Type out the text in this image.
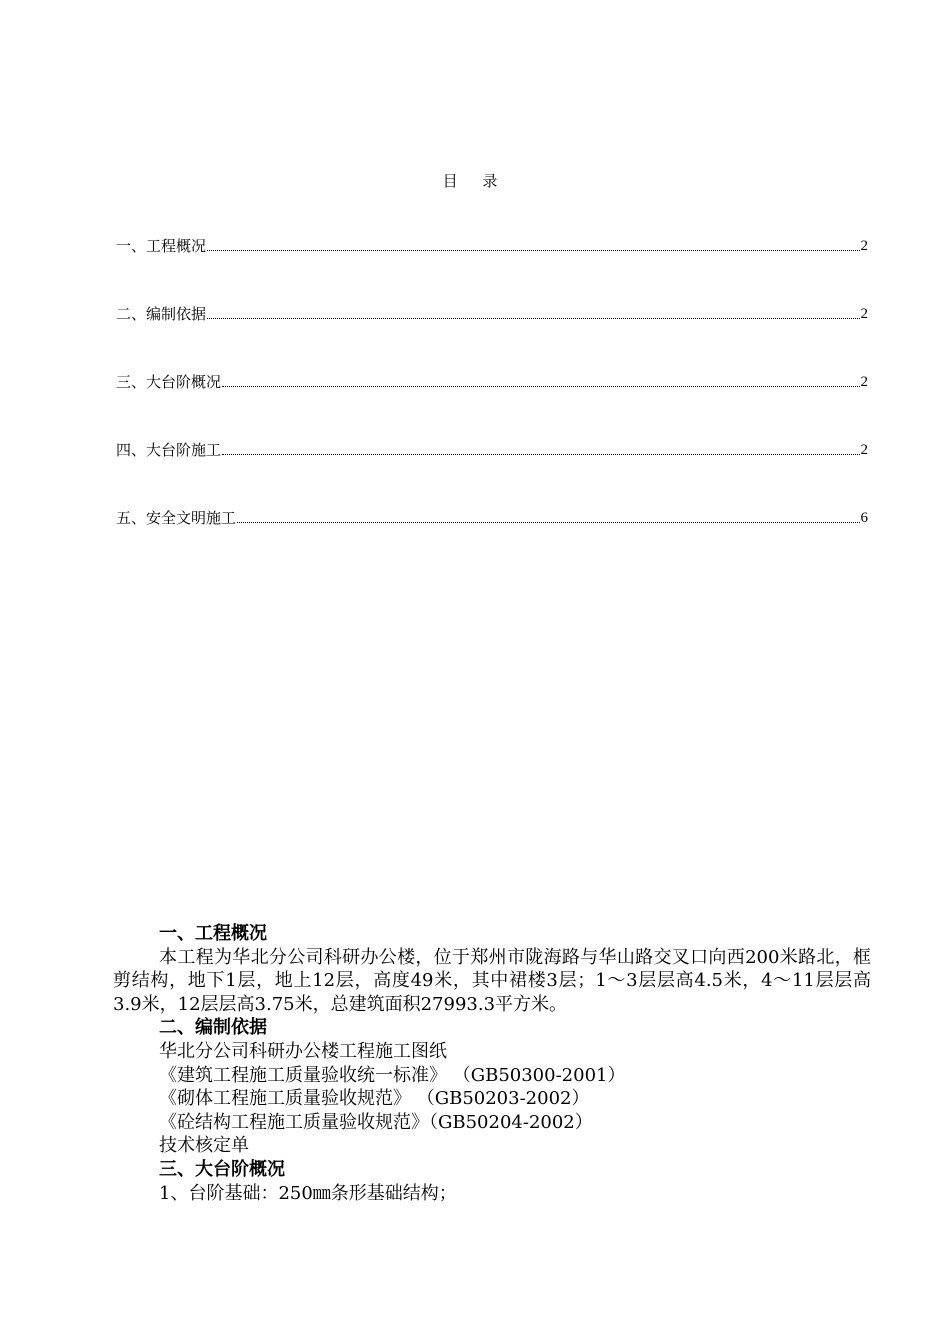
目 录
一、工程概况	2
二、编制依据	2
三、大台阶概况	2
四、大台阶施工	2
五、安全文明施工	6

一、工程概况

本工程为华北分公司科研办公楼，位于郑州市陇海路与华山路交叉口向西200米路北，框剪结构，地下1层，地上12层，高度49米，其中裙楼3层；1～3层层高4.5米，4～11层层高3.9米，12层层高3.75米，总建筑面积27993.3平方米。

二、编制依据

华北分公司科研办公楼工程施工图纸

《建筑工程施工质量验收统一标准》 （GB50300-2001）

《砌体工程施工质量验收规范》 （GB50203-2002）

《砼结构工程施工质量验收规范》（GB50204-2002）

技术核定单

三、大台阶概况

1、台阶基础：250㎜条形基础结构；
